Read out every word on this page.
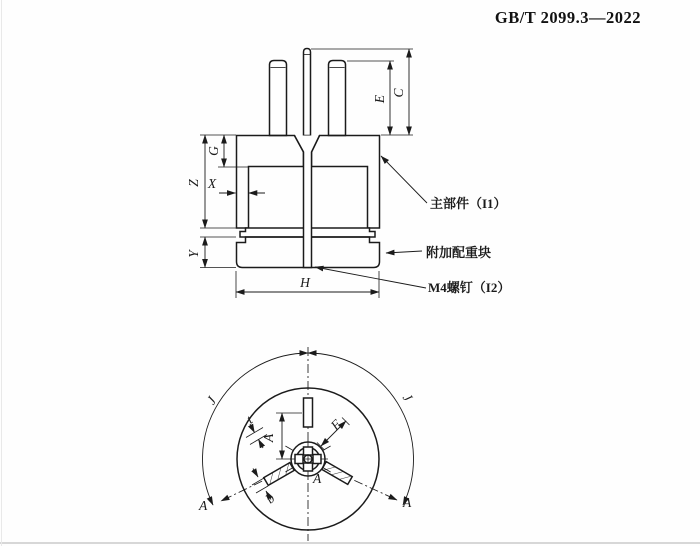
GB/T 2099.3—2022
E
C
G
Z X
Y
H
主部件（I1）
附加配重块
M4螺钉（I2）
A
F
b
t
J	J
A	A
A
